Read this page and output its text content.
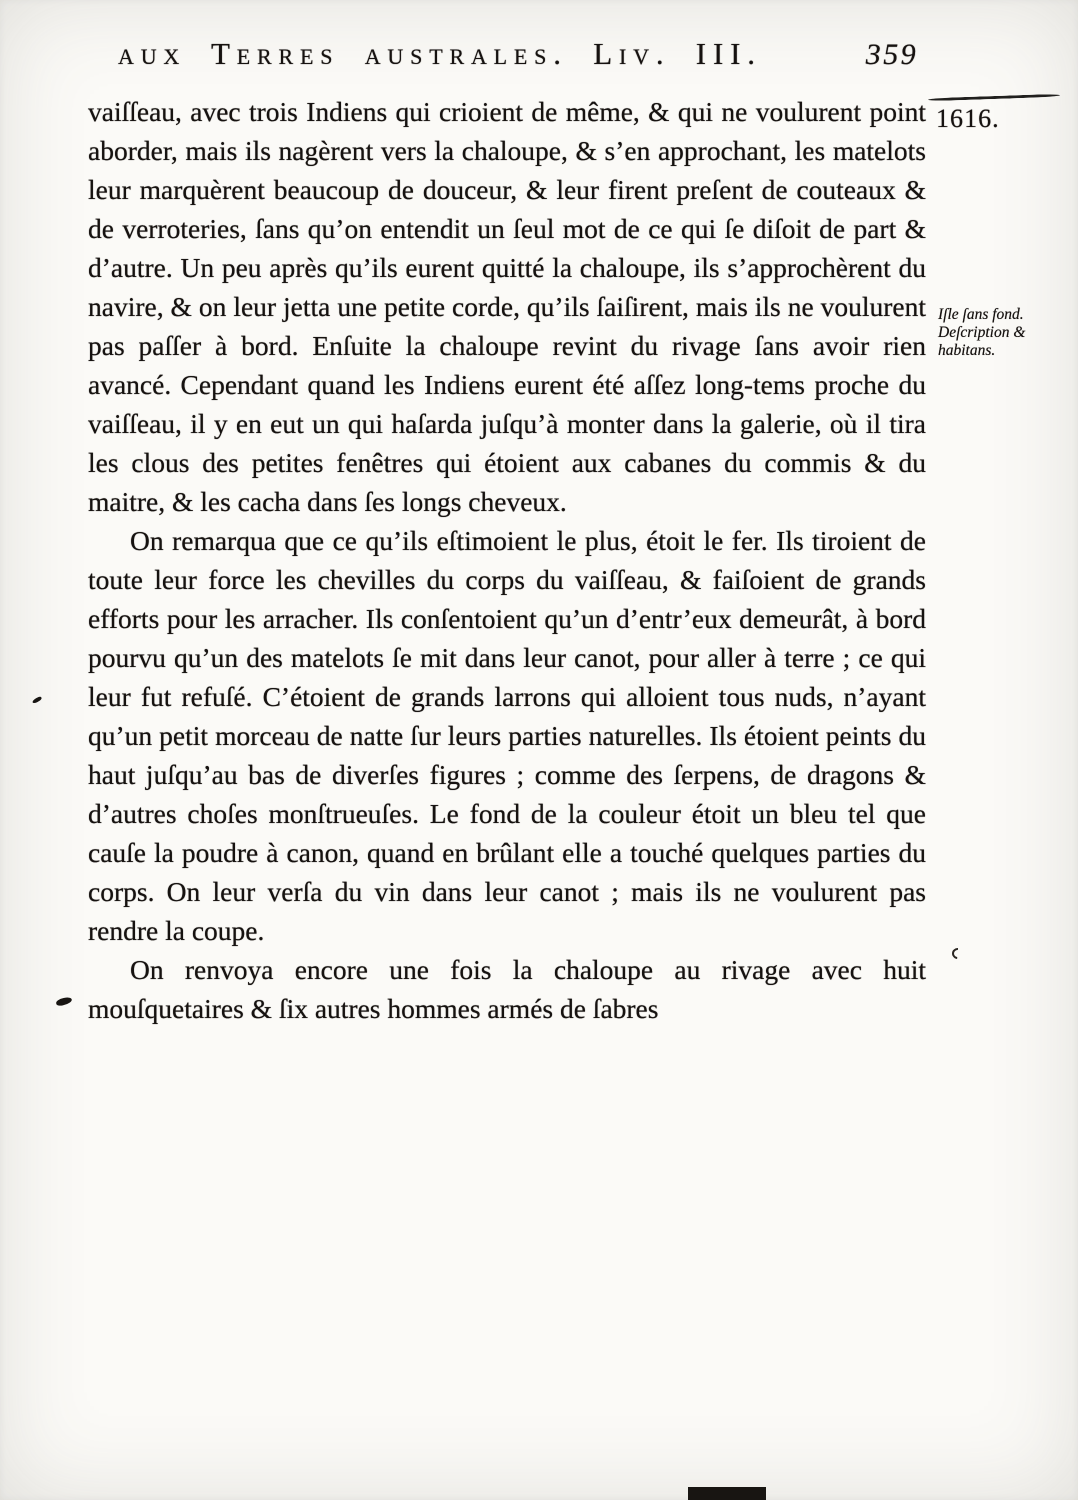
aux Terres australes. Liv. III.	359
1616.
Iſle ſans fond. Deſcription & habitans.

vaiſſeau, avec trois Indiens qui crioient de même, & qui ne voulurent point aborder, mais ils nagèrent vers la chaloupe, & s’en approchant, les matelots leur marquèrent beaucoup de douceur, & leur firent preſent de couteaux & de verroteries, ſans qu’on entendit un ſeul mot de ce qui ſe diſoit de part & d’autre. Un peu après qu’ils eurent quitté la chaloupe, ils s’approchèrent du navire, & on leur jetta une petite corde, qu’ils ſaiſirent, mais ils ne voulurent pas paſſer à bord. Enſuite la chaloupe revint du rivage ſans avoir rien avancé. Cependant quand les Indiens eurent été aſſez long-tems proche du vaiſſeau, il y en eut un qui haſarda juſqu’à monter dans la galerie, où il tira les clous des petites fenêtres qui étoient aux cabanes du commis & du maitre, & les cacha dans ſes longs cheveux.

On remarqua que ce qu’ils eſtimoient le plus, étoit le fer. Ils tiroient de toute leur force les chevilles du corps du vaiſſeau, & faiſoient de grands efforts pour les arracher. Ils conſentoient qu’un d’entr’eux demeurât, à bord pourvu qu’un des matelots ſe mit dans leur canot, pour aller à terre ; ce qui leur fut refuſé. C’étoient de grands larrons qui alloient tous nuds, n’ayant qu’un petit morceau de natte ſur leurs parties naturelles. Ils étoient peints du haut juſqu’au bas de diverſes figures ; comme des ſerpens, de dragons & d’autres choſes monſtrueuſes. Le fond de la couleur étoit un bleu tel que cauſe la poudre à canon, quand en brûlant elle a touché quelques parties du corps. On leur verſa du vin dans leur canot ; mais ils ne voulurent pas rendre la coupe.

On renvoya encore une fois la chaloupe au rivage avec huit mouſquetaires & ſix autres hommes armés de ſabres
